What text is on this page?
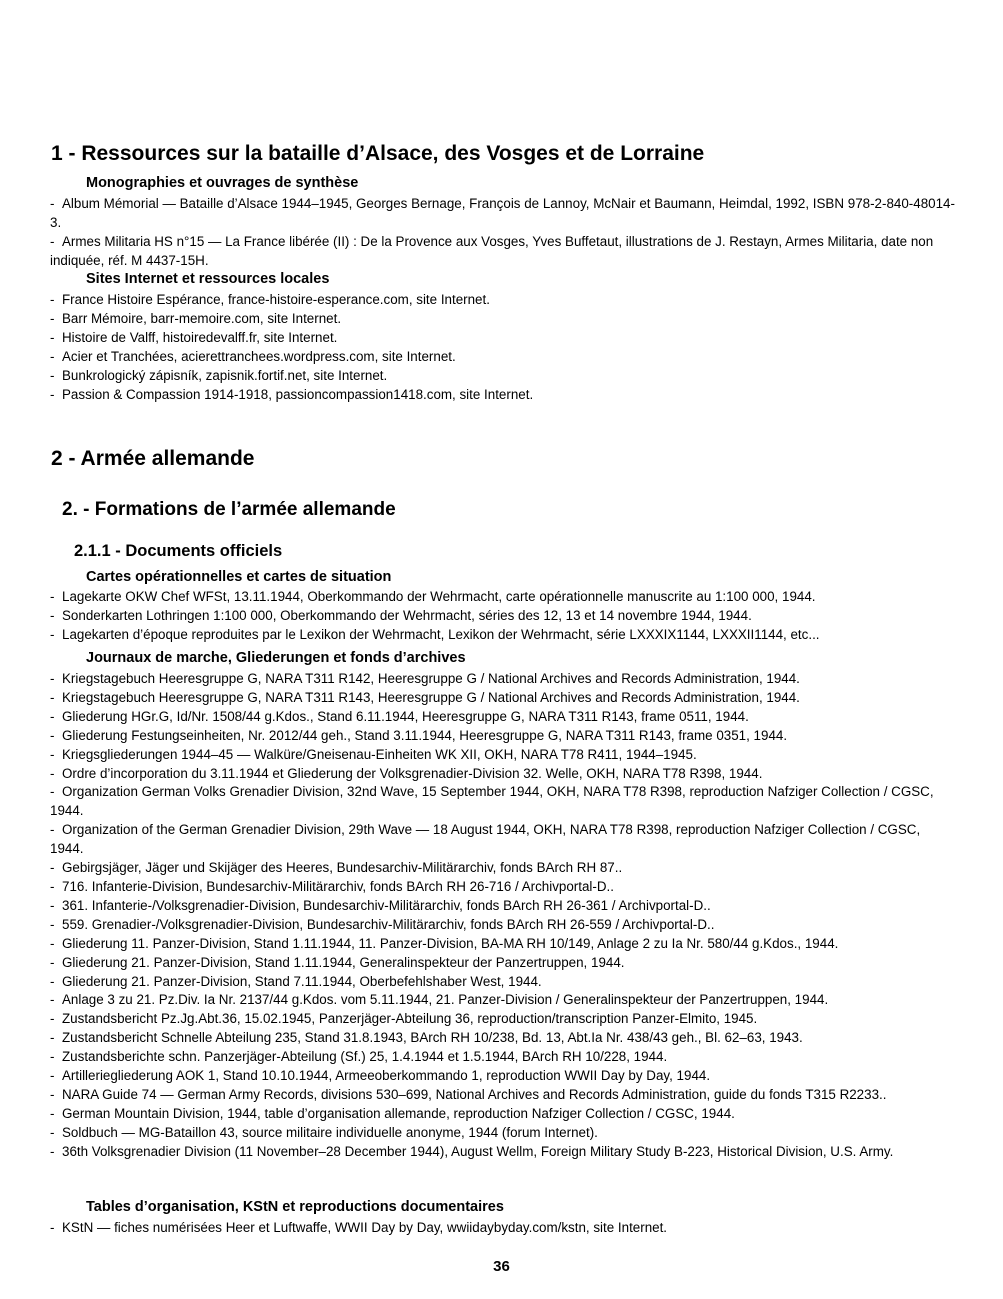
1 - Ressources sur la bataille d’Alsace, des Vosges et de Lorraine
Monographies et ouvrages de synthèse
- Album Mémorial — Bataille d’Alsace 1944–1945, Georges Bernage, François de Lannoy, McNair et Baumann, Heimdal, 1992, ISBN 978-2-840-48014-3.
- Armes Militaria HS n°15 — La France libérée (II) : De la Provence aux Vosges, Yves Buffetaut, illustrations de J. Restayn, Armes Militaria, date non indiquée, réf. M 4437-15H.
Sites Internet et ressources locales
- France Histoire Espérance, france-histoire-esperance.com, site Internet.
- Barr Mémoire, barr-memoire.com, site Internet.
- Histoire de Valff, histoiredevalff.fr, site Internet.
- Acier et Tranchées, acierettranchees.wordpress.com, site Internet.
- Bunkrologický zápisník, zapisnik.fortif.net, site Internet.
- Passion & Compassion 1914-1918, passioncompassion1418.com, site Internet.
2 - Armée allemande
2. - Formations de l’armée allemande
2.1.1 - Documents officiels
Cartes opérationnelles et cartes de situation
- Lagekarte OKW Chef WFSt, 13.11.1944, Oberkommando der Wehrmacht, carte opérationnelle manuscrite au 1:100 000, 1944.
- Sonderkarten Lothringen 1:100 000, Oberkommando der Wehrmacht, séries des 12, 13 et 14 novembre 1944, 1944.
- Lagekarten d’époque reproduites par le Lexikon der Wehrmacht, Lexikon der Wehrmacht, série LXXXIX1144, LXXXII1144, etc...
Journaux de marche, Gliederungen et fonds d’archives
- Kriegstagebuch Heeresgruppe G, NARA T311 R142, Heeresgruppe G / National Archives and Records Administration, 1944.
- Kriegstagebuch Heeresgruppe G, NARA T311 R143, Heeresgruppe G / National Archives and Records Administration, 1944.
- Gliederung HGr.G, Id/Nr. 1508/44 g.Kdos., Stand 6.11.1944, Heeresgruppe G, NARA T311 R143, frame 0511, 1944.
- Gliederung Festungseinheiten, Nr. 2012/44 geh., Stand 3.11.1944, Heeresgruppe G, NARA T311 R143, frame 0351, 1944.
- Kriegsgliederungen 1944–45 — Walküre/Gneisenau-Einheiten WK XII, OKH, NARA T78 R411, 1944–1945.
- Ordre d’incorporation du 3.11.1944 et Gliederung der Volksgrenadier-Division 32. Welle, OKH, NARA T78 R398, 1944.
- Organization German Volks Grenadier Division, 32nd Wave, 15 September 1944, OKH, NARA T78 R398, reproduction Nafziger Collection / CGSC, 1944.
- Organization of the German Grenadier Division, 29th Wave — 18 August 1944, OKH, NARA T78 R398, reproduction Nafziger Collection / CGSC, 1944.
- Gebirgsjäger, Jäger und Skijäger des Heeres, Bundesarchiv-Militärarchiv, fonds BArch RH 87..
- 716. Infanterie-Division, Bundesarchiv-Militärarchiv, fonds BArch RH 26-716 / Archivportal-D..
- 361. Infanterie-/Volksgrenadier-Division, Bundesarchiv-Militärarchiv, fonds BArch RH 26-361 / Archivportal-D..
- 559. Grenadier-/Volksgrenadier-Division, Bundesarchiv-Militärarchiv, fonds BArch RH 26-559 / Archivportal-D..
- Gliederung 11. Panzer-Division, Stand 1.11.1944, 11. Panzer-Division, BA-MA RH 10/149, Anlage 2 zu Ia Nr. 580/44 g.Kdos., 1944.
- Gliederung 21. Panzer-Division, Stand 1.11.1944, Generalinspekteur der Panzertruppen, 1944.
- Gliederung 21. Panzer-Division, Stand 7.11.1944, Oberbefehlshaber West, 1944.
- Anlage 3 zu 21. Pz.Div. Ia Nr. 2137/44 g.Kdos. vom 5.11.1944, 21. Panzer-Division / Generalinspekteur der Panzertruppen, 1944.
- Zustandsbericht Pz.Jg.Abt.36, 15.02.1945, Panzerjäger-Abteilung 36, reproduction/transcription Panzer-Elmito, 1945.
- Zustandsbericht Schnelle Abteilung 235, Stand 31.8.1943, BArch RH 10/238, Bd. 13, Abt.Ia Nr. 438/43 geh., Bl. 62–63, 1943.
- Zustandsberichte schn. Panzerjäger-Abteilung (Sf.) 25, 1.4.1944 et 1.5.1944, BArch RH 10/228, 1944.
- Artilleriegliederung AOK 1, Stand 10.10.1944, Armeeoberkommando 1, reproduction WWII Day by Day, 1944.
- NARA Guide 74 — German Army Records, divisions 530–699, National Archives and Records Administration, guide du fonds T315 R2233..
- German Mountain Division, 1944, table d’organisation allemande, reproduction Nafziger Collection / CGSC, 1944.
- Soldbuch — MG-Bataillon 43, source militaire individuelle anonyme, 1944 (forum Internet).
- 36th Volksgrenadier Division (11 November–28 December 1944), August Wellm, Foreign Military Study B-223, Historical Division, U.S. Army.
Tables d’organisation, KStN et reproductions documentaires
- KStN — fiches numérisées Heer et Luftwaffe, WWII Day by Day, wwiidaybyday.com/kstn, site Internet.
36
